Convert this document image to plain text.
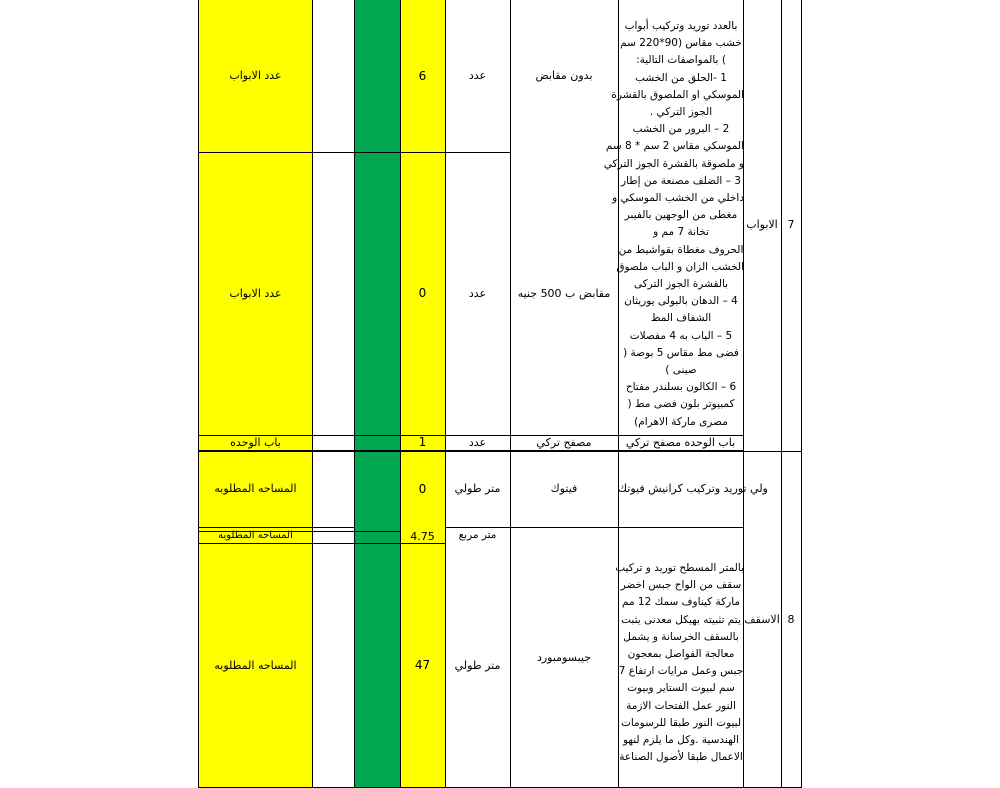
7
الابواب
بالعدد توريد وتركيب أبواب
خشب مقاس (90*220 سم
) بالمواصفات التالية:
1 -الحلق من الخشب
الموسكي او الملصوق بالقشرة
الجوز التركي .
2 – البرور من الخشب
الموسكي مقاس 2 سم * 8 سم
و ملصوقة بالقشرة الجوز التركي
3 – الضلف مصنعة من إطار
داخلي من الخشب الموسكي و
مغطى من الوجهين بالفيبر
تخانة 7 مم و
الحروف مغطاة بقواشيط من
الخشب الزان و الباب ملصوق
بالقشرة الجوز التركى
4 – الدهان بالبولى يوريثان
الشفاف المط
5 – الباب به 4 مفصلات
فضى مط مقاس 5 بوصة (
صينى )
6 – الكالون بسلندر مفتاح
كمبيوتر بلون فضى مط (
مصرى ماركة الاهرام)
بدون مقابض
عدد
6
عدد الابواب
مقابض ب 500 جنيه
عدد
0
عدد الابواب
باب الوحده مصفح تركي
مصفح تركي
عدد
1
باب الوحده
8
الاسقف
ولي توريد وتركيب كرانيش فيوتك
فيتوك
متر طولي
0
المساحه المطلوبه
متر مربع
4.75
المساحه المطلوبه
بالمتر المسطح توريد و تركيب
سقف من الواح جبس اخضر
ماركة كيناوف سمك 12 مم
يتم تثبيته بهيكل معدنى يثبت
بالسقف الخرسانة و يشمل
معالجة الفواصل بمعجون
جبس وعمل مرايات ارتفاع 7
سم لبيوت الستاير وبيوت
النور عمل الفتحات الازمة
لبيوت النور طبقا للرسومات
الهندسية .وكل ما يلزم لنهو
الاعمال طبقا لأصول الصناعة
جيبسومبورد
متر طولي
47
المساحه المطلوبه
